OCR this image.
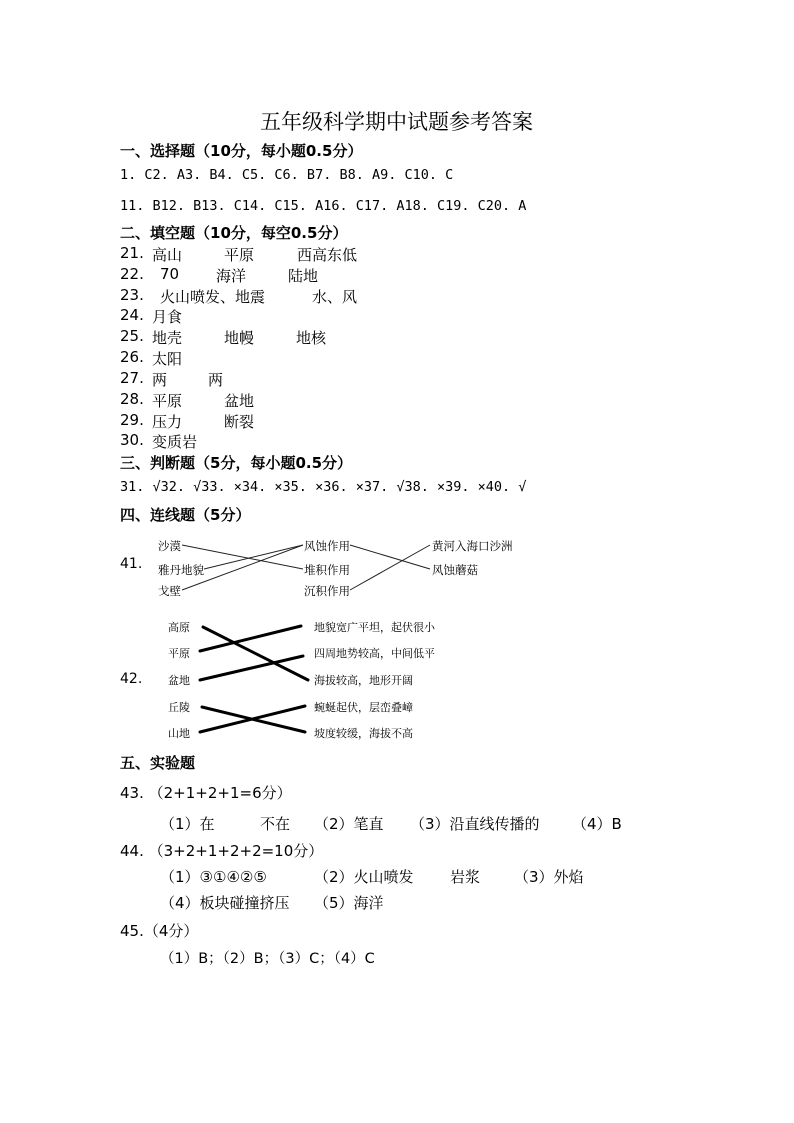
五年级科学期中试题参考答案
一、选择题（10分，每小题0.5分）
1. C2. A3. B4. C5. C6. B7. B8. A9. C10. C
11. B12. B13. C14. C15. A16. C17. A18. C19. C20. A
二、填空题（10分，每空0.5分）
21. 高山	平原	西高东低
22. 70 海洋	陆地
23. 火山喷发、地震	水、风
24. 月食
25. 地壳	地幔	地核
26. 太阳
27. 两	两
28. 平原	盆地
29. 压力	断裂
30. 变质岩
三、判断题（5分，每小题0.5分）
31. √32. √33. ×34. ×35. ×36. ×37. √38. ×39. ×40. √
四、连线题（5分）
41.
沙漠
雅丹地貌
戈壁
风蚀作用
堆积作用
沉积作用
黄河入海口沙洲
风蚀蘑菇
42.
高原
平原
盆地
丘陵
山地
地貌宽广平坦，起伏很小
四周地势较高，中间低平
海拔较高，地形开阔
蜿蜒起伏，层峦叠嶂
坡度较缓，海拔不高
五、实验题
43. （2+1+2+1=6分）
（1）在	不在 （2）笔直 （3）沿直线传播的 （4）B
44. （3+2+1+2+2=10分）
（1）③①④②⑤	（2）火山喷发 岩浆 （3）外焰
（4）板块碰撞挤压 （5）海洋
45.（4分）
（1）B；（2）B；（3）C；（4）C
